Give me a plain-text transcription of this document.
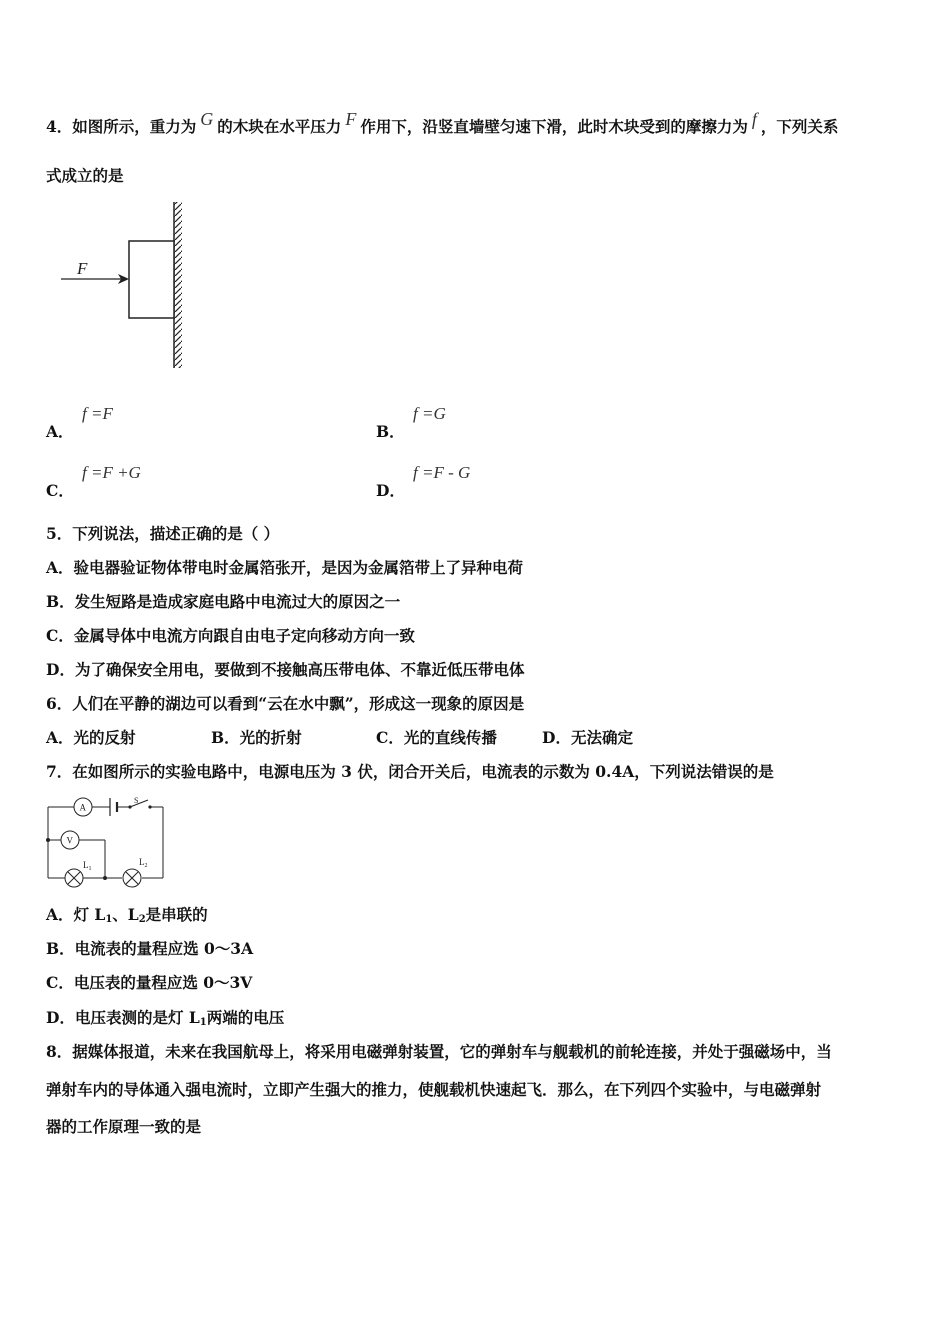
4．如图所示，重力为 G 的木块在水平压力 F 作用下，沿竖直墙壁匀速下滑，此时木块受到的摩擦力为 f ，下列关系
式成立的是
F
A．
f =F
B．
f =G
C．
f =F +G
D．
f =F - G
5．下列说法，描述正确的是（ ）
A．验电器验证物体带电时金属箔张开，是因为金属箔带上了异种电荷
B．发生短路是造成家庭电路中电流过大的原因之一
C．金属导体中电流方向跟自由电子定向移动方向一致
D．为了确保安全用电，要做到不接触高压带电体、不靠近低压带电体
6．人们在平静的湖边可以看到“云在水中飘”，形成这一现象的原因是
A．光的反射	B．光的折射	C．光的直线传播	D．无法确定
7．在如图所示的实验电路中，电源电压为 3 伏，闭合开关后，电流表的示数为 0.4A，下列说法错误的是
S
A
V
$L_1$
$L_2$
A．灯 $L_1$、$L_2$是串联的
B．电流表的量程应选 0～3A
C．电压表的量程应选 0～3V
D．电压表测的是灯 $L_1$两端的电压
8．据媒体报道，未来在我国航母上，将采用电磁弹射装置，它的弹射车与舰载机的前轮连接，并处于强磁场中，当
弹射车内的导体通入强电流时，立即产生强大的推力，使舰载机快速起飞．那么，在下列四个实验中，与电磁弹射
器的工作原理一致的是
